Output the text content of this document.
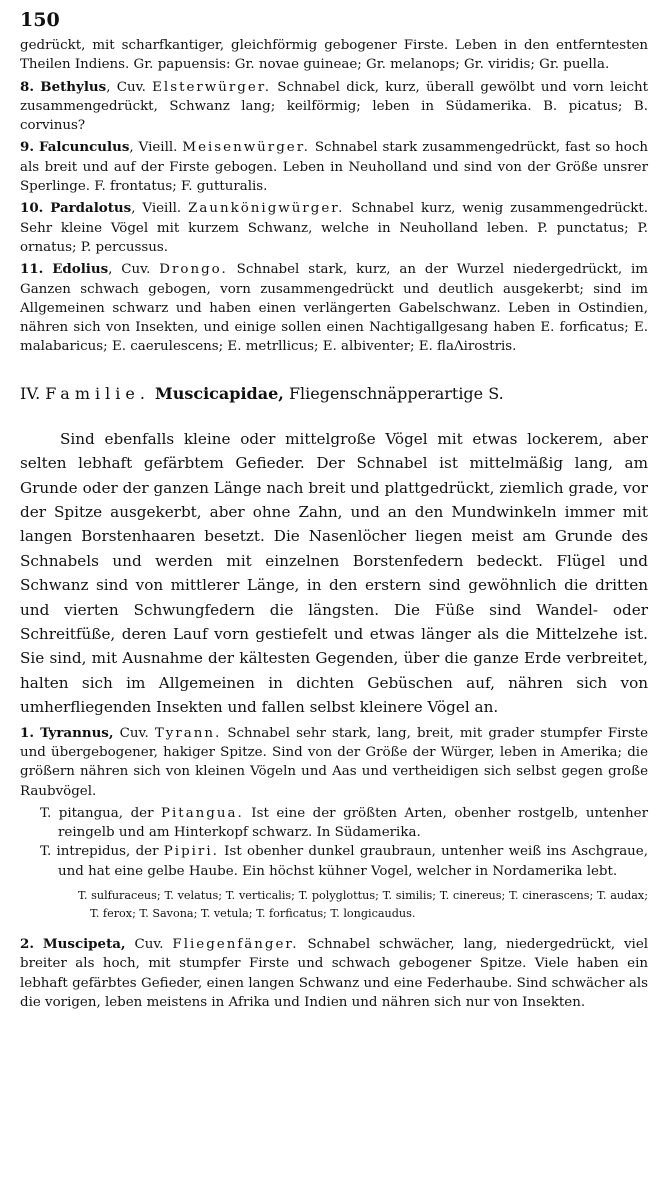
150

gedrückt, mit scharfkantiger, gleichförmig gebogener Firste. Leben in den entferntesten Theilen Indiens. Gr. papuensis: Gr. novae guineae; Gr. melanops; Gr. viridis; Gr. puella.

8. Bethylus, Cuv. Elsterwürger. Schnabel dick, kurz, überall gewölbt und vorn leicht zusammengedrückt, Schwanz lang; keilförmig; leben in Südamerika. B. picatus; B. corvinus?

9. Falcunculus, Vieill. Meisenwürger. Schnabel stark zusammengedrückt, fast so hoch als breit und auf der Firste gebogen. Leben in Neuholland und sind von der Größe unsrer Sperlinge. F. frontatus; F. gutturalis.

10. Pardalotus, Vieill. Zaunkönigwürger. Schnabel kurz, wenig zusammengedrückt. Sehr kleine Vögel mit kurzem Schwanz, welche in Neuholland leben. P. punctatus; P. ornatus; P. percussus.

11. Edolius, Cuv. Drongo. Schnabel stark, kurz, an der Wurzel niedergedrückt, im Ganzen schwach gebogen, vorn zusammengedrückt und deutlich ausgekerbt; sind im Allgemeinen schwarz und haben einen verlängerten Gabelschwanz. Leben in Ostindien, nähren sich von Insekten, und einige sollen einen Nachtigallgesang haben E. forficatus; E. malabaricus; E. caerulescens; E. metrllicus; E. albiventer; E. flaΛirostris.

IV. Familie. Muscicapidae, Fliegenschnäpperartige S.

Sind ebenfalls kleine oder mittelgroße Vögel mit etwas lockerem, aber selten lebhaft gefärbtem Gefieder. Der Schnabel ist mittelmäßig lang, am Grunde oder der ganzen Länge nach breit und plattgedrückt, ziemlich grade, vor der Spitze ausgekerbt, aber ohne Zahn, und an den Mundwinkeln immer mit langen Borstenhaaren besetzt. Die Nasenlöcher liegen meist am Grunde des Schnabels und werden mit einzelnen Borstenfedern bedeckt. Flügel und Schwanz sind von mittlerer Länge, in den erstern sind gewöhnlich die dritten und vierten Schwungfedern die längsten. Die Füße sind Wandel- oder Schreitfüße, deren Lauf vorn gestiefelt und etwas länger als die Mittelzehe ist. Sie sind, mit Ausnahme der kältesten Gegenden, über die ganze Erde verbreitet, halten sich im Allgemeinen in dichten Gebüschen auf, nähren sich von umherfliegenden Insekten und fallen selbst kleinere Vögel an.

1. Tyrannus, Cuv. Tyrann. Schnabel sehr stark, lang, breit, mit grader stumpfer Firste und übergebogener, hakiger Spitze. Sind von der Größe der Würger, leben in Amerika; die größern nähren sich von kleinen Vögeln und Aas und vertheidigen sich selbst gegen große Raubvögel.

T. pitangua, der Pitangua. Ist eine der größten Arten, obenher rostgelb, untenher reingelb und am Hinterkopf schwarz. In Südamerika.

T. intrepidus, der Pipiri. Ist obenher dunkel graubraun, untenher weiß ins Aschgraue, und hat eine gelbe Haube. Ein höchst kühner Vogel, welcher in Nordamerika lebt.

T. sulfuraceus; T. velatus; T. verticalis; T. polyglottus; T. similis; T. cinereus; T. cinerascens; T. audax; T. ferox; T. Savona; T. vetula; T. forficatus; T. longicaudus.

2. Muscipeta, Cuv. Fliegenfänger. Schnabel schwächer, lang, niedergedrückt, viel breiter als hoch, mit stumpfer Firste und schwach gebogener Spitze. Viele haben ein lebhaft gefärbtes Gefieder, einen langen Schwanz und eine Federhaube. Sind schwächer als die vorigen, leben meistens in Afrika und Indien und nähren sich nur von Insekten.
